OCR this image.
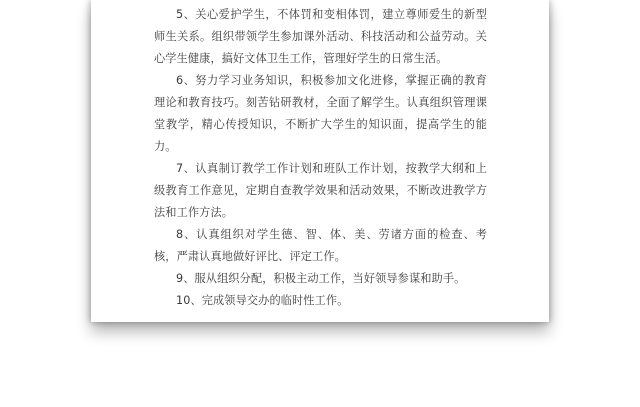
5、关心爱护学生，不体罚和变相体罚，建立尊师爱生的新型师生关系。组织带领学生参加课外活动、科技活动和公益劳动。关心学生健康，搞好文体卫生工作，管理好学生的日常生活。

6、努力学习业务知识，积极参加文化进修，掌握正确的教育理论和教育技巧。刻苦钻研教材，全面了解学生。认真组织管理课堂教学，精心传授知识，不断扩大学生的知识面，提高学生的能力。

7、认真制订教学工作计划和班队工作计划，按教学大纲和上级教育工作意见，定期自查教学效果和活动效果，不断改进教学方法和工作方法。

8、认真组织对学生德、智、体、美、劳诸方面的检查、考核，严肃认真地做好评比、评定工作。

9、服从组织分配，积极主动工作，当好领导参谋和助手。

10、完成领导交办的临时性工作。
